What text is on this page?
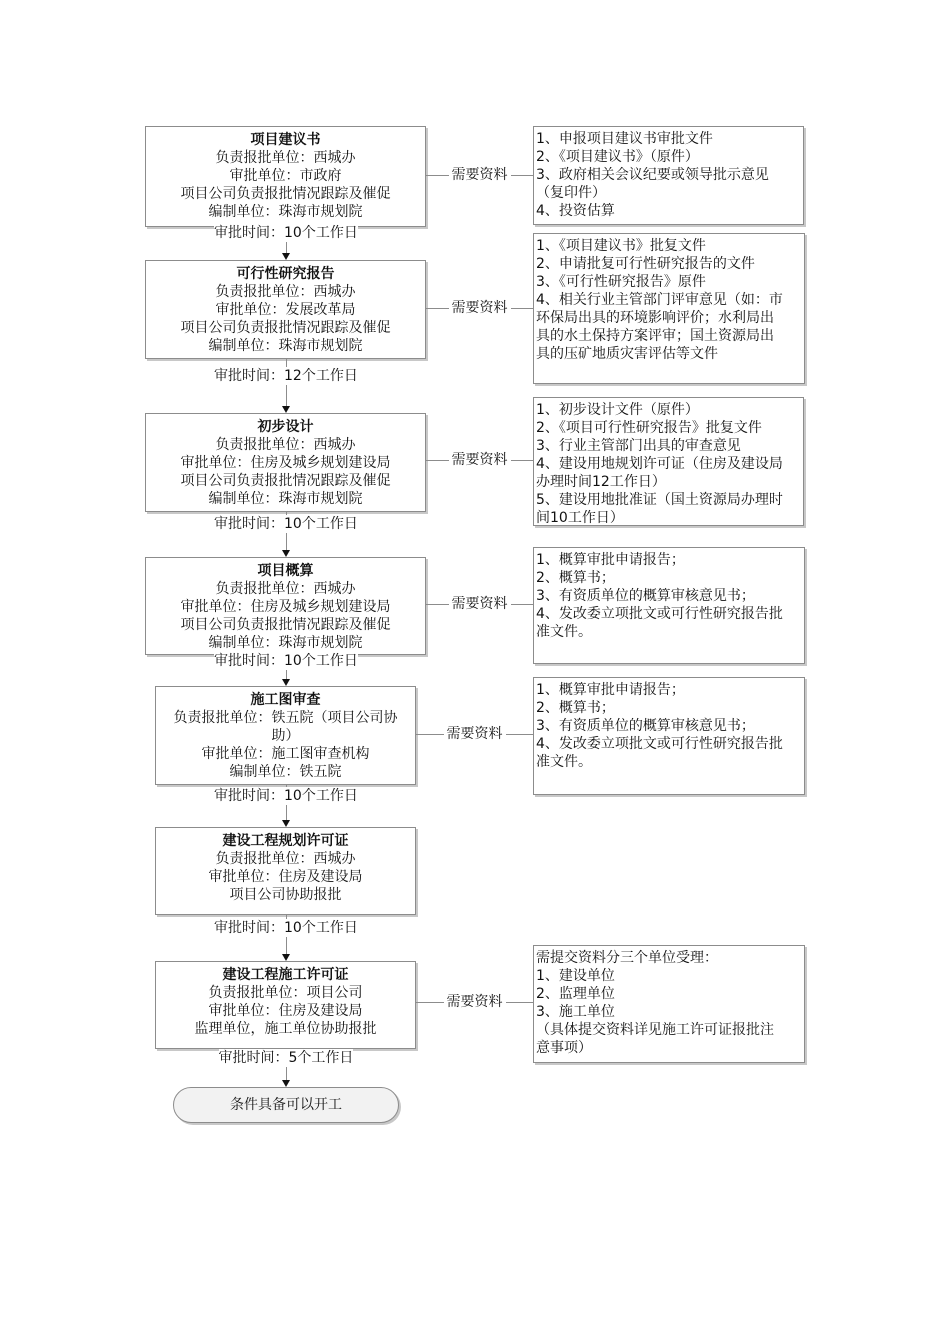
项目建议书
负责报批单位：西城办
审批单位：市政府
项目公司负责报批情况跟踪及催促
编制单位：珠海市规划院
1、申报项目建议书审批文件
2、《项目建议书》（原件）
3、政府相关会议纪要或领导批示意见
（复印件）
4、投资估算
需要资料
审批时间：10个工作日
可行性研究报告
负责报批单位：西城办
审批单位：发展改革局
项目公司负责报批情况跟踪及催促
编制单位：珠海市规划院
1、《项目建议书》批复文件
2、申请批复可行性研究报告的文件
3、《可行性研究报告》原件
4、相关行业主管部门评审意见（如：市
环保局出具的环境影响评价；水利局出
具的水土保持方案评审；国土资源局出
具的压矿地质灾害评估等文件
需要资料
审批时间：12个工作日
初步设计
负责报批单位：西城办
审批单位：住房及城乡规划建设局
项目公司负责报批情况跟踪及催促
编制单位：珠海市规划院
1、初步设计文件（原件）
2、《项目可行性研究报告》批复文件
3、行业主管部门出具的审查意见
4、建设用地规划许可证（住房及建设局
办理时间12工作日）
5、建设用地批准证（国土资源局办理时
间10工作日）
需要资料
审批时间：10个工作日
项目概算
负责报批单位：西城办
审批单位：住房及城乡规划建设局
项目公司负责报批情况跟踪及催促
编制单位：珠海市规划院
1、概算审批申请报告；
2、概算书；
3、有资质单位的概算审核意见书；
4、发改委立项批文或可行性研究报告批
准文件。
需要资料
审批时间：10个工作日
施工图审查
负责报批单位：铁五院（项目公司协
助）
审批单位：施工图审查机构
编制单位：铁五院
1、概算审批申请报告；
2、概算书；
3、有资质单位的概算审核意见书；
4、发改委立项批文或可行性研究报告批
准文件。
需要资料
审批时间：10个工作日
建设工程规划许可证
负责报批单位：西城办
审批单位：住房及建设局
项目公司协助报批
审批时间：10个工作日
建设工程施工许可证
负责报批单位：项目公司
审批单位：住房及建设局
监理单位，施工单位协助报批
需提交资料分三个单位受理：
1、建设单位
2、监理单位
3、施工单位
（具体提交资料详见施工许可证报批注
意事项）
需要资料
审批时间：5个工作日
条件具备可以开工
